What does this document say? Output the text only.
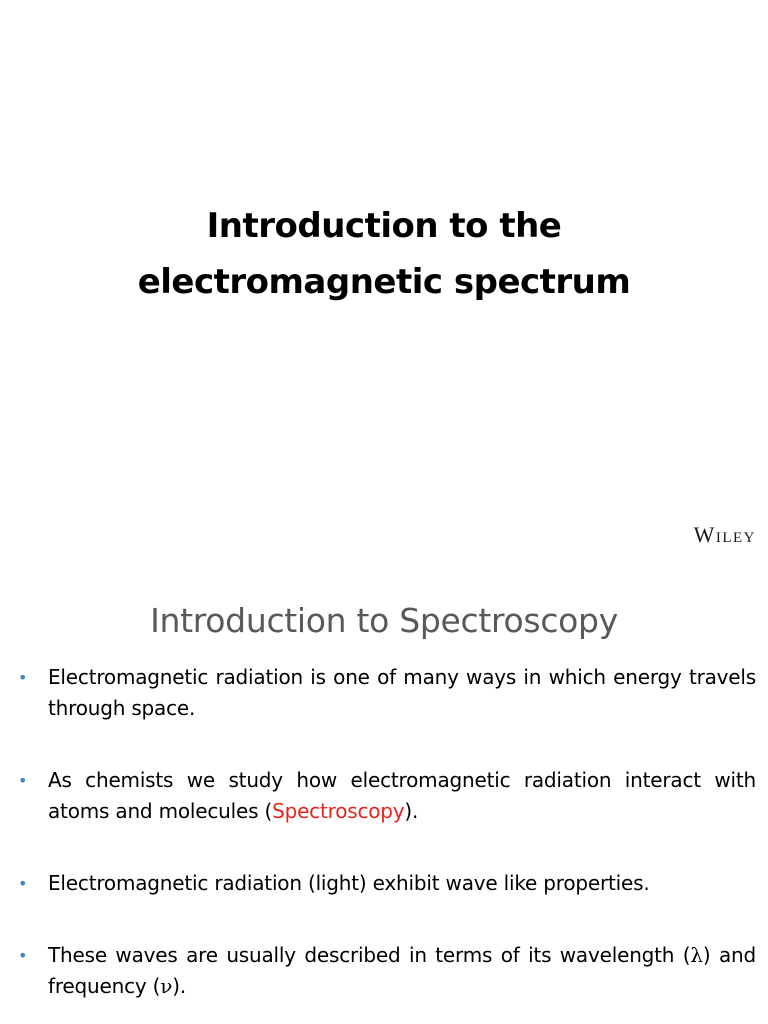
Introduction to the
electromagnetic spectrum
Wiley
Introduction to Spectroscopy
• Electromagnetic radiation is one of many ways in which energy travels through space.
• As chemists we study how electromagnetic radiation interact with atoms and molecules (Spectroscopy).
• Electromagnetic radiation (light) exhibit wave like properties.
• These waves are usually described in terms of its wavelength (λ) and frequency (ν).
